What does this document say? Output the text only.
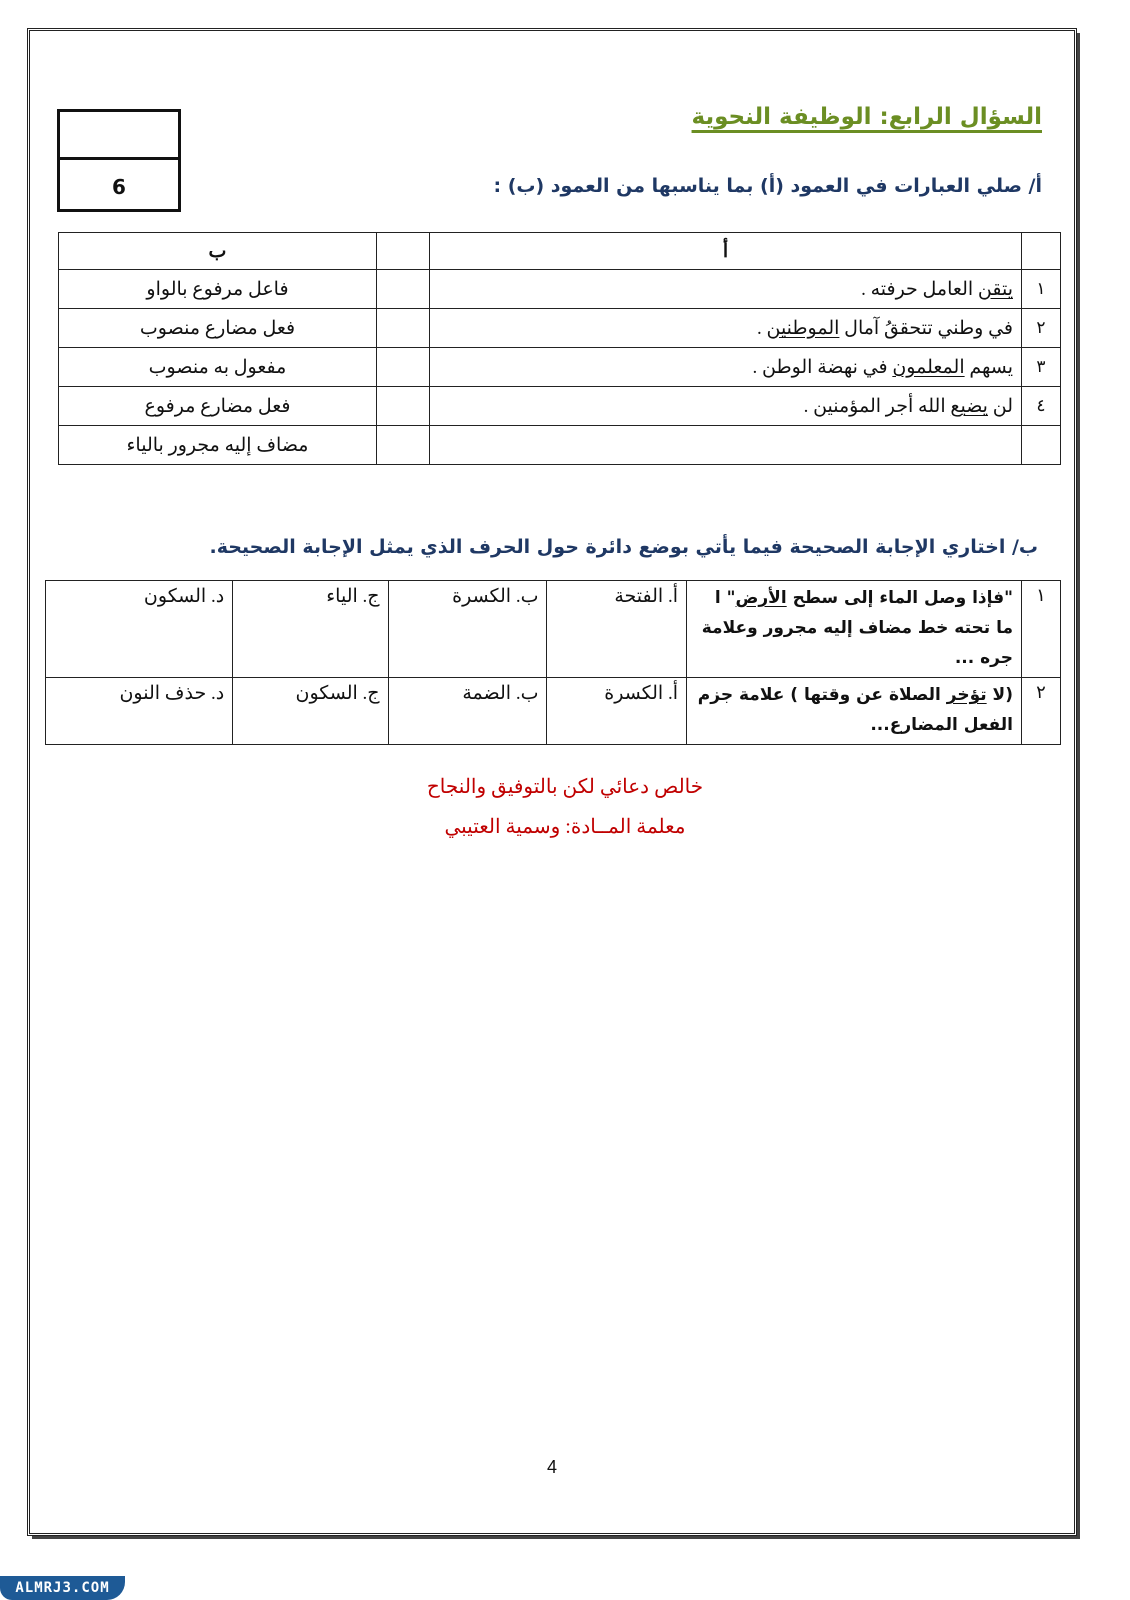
6
السؤال الرابع: الوظيفة النحوية
أ/ صلي العبارات في العمود (أ) بما يناسبها من العمود (ب) :
	أ		ب
١	يتقن العامل حرفته .		فاعل مرفوع بالواو
٢	في وطني تتحققُ آمال الموطنين .		فعل مضارع منصوب
٣	يسهم المعلمون في نهضة الوطن .		مفعول به منصوب
٤	لن يضيع الله أجر المؤمنين .		فعل مضارع مرفوع
			مضاف إليه مجرور بالياء
ب/ اختاري الإجابة الصحيحة فيما يأتي بوضع دائرة حول الحرف الذي يمثل الإجابة الصحيحة.
١	"فإذا وصل الماء إلى سطح الأرض" ا ما تحته خط مضاف إليه مجرور وعلامة جره ...	أ. الفتحة	ب. الكسرة	ج. الياء	د. السكون
٢	(لا تؤخر الصلاة عن وقتها ) علامة جزم الفعل المضارع...	أ. الكسرة	ب. الضمة	ج. السكون	د. حذف النون
خالص دعائي لكن بالتوفيق والنجاح
معلمة المــادة: وسمية العتيبي
4
ALMRJ3.COM
